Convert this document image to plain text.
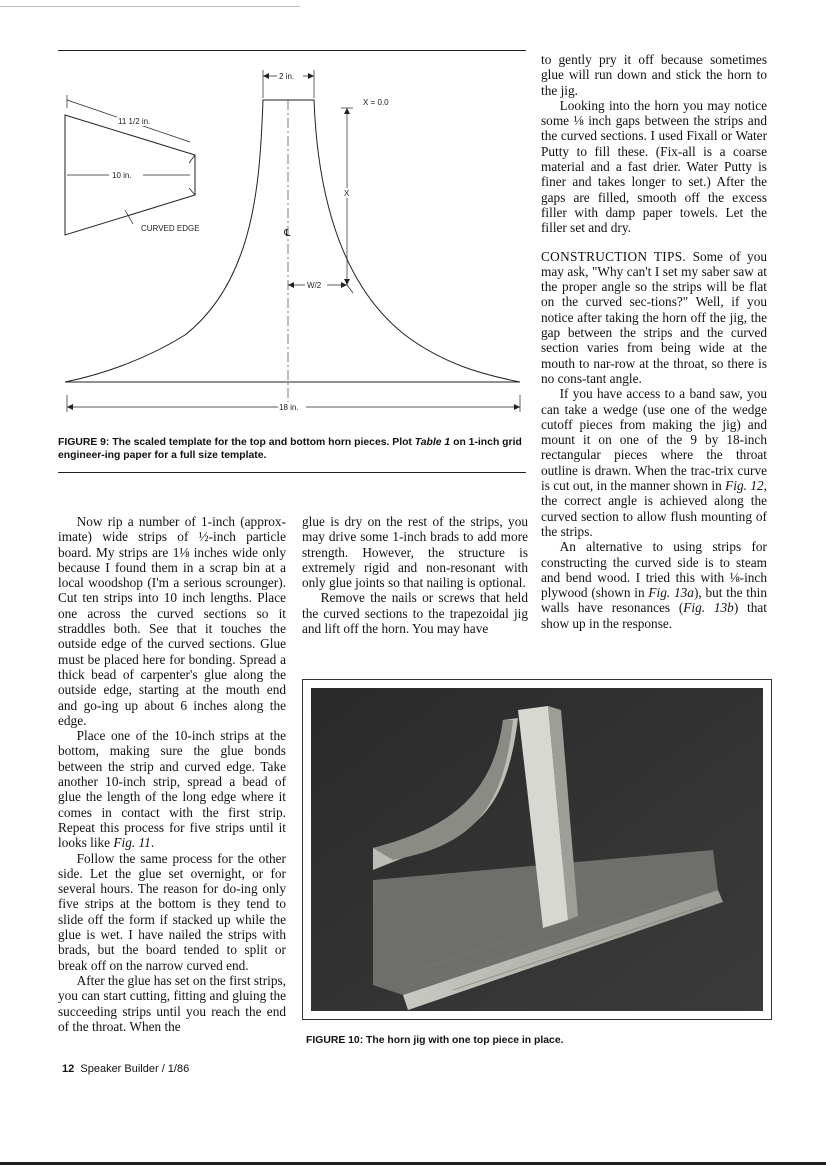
2 in.
X = 0.0
X
℄
W/2
18 in.
11 1/2 in.
10 in.
CURVED EDGE
FIGURE 9: The scaled template for the top and bottom horn pieces. Plot Table 1 on 1-inch grid engineer-ing paper for a full size template.

Now rip a number of 1-inch (approx-imate) wide strips of ½-inch particle board. My strips are 1⅛ inches wide only because I found them in a scrap bin at a local woodshop (I'm a serious scrounger). Cut ten strips into 10 inch lengths. Place one across the curved sections so it straddles both. See that it touches the outside edge of the curved sections. Glue must be placed here for bonding. Spread a thick bead of carpenter's glue along the outside edge, starting at the mouth end and go-ing up about 6 inches along the edge.

Place one of the 10-inch strips at the bottom, making sure the glue bonds between the strip and curved edge. Take another 10-inch strip, spread a bead of glue the length of the long edge where it comes in contact with the first strip. Repeat this process for five strips until it looks like Fig. 11.

Follow the same process for the other side. Let the glue set overnight, or for several hours. The reason for do-ing only five strips at the bottom is they tend to slide off the form if stacked up while the glue is wet. I have nailed the strips with brads, but the board tended to split or break off on the narrow curved end.

After the glue has set on the first strips, you can start cutting, fitting and gluing the succeeding strips until you reach the end of the throat. When the

glue is dry on the rest of the strips, you may drive some 1-inch brads to add more strength. However, the structure is extremely rigid and non-resonant with only glue joints so that nailing is optional.

Remove the nails or screws that held the curved sections to the trapezoidal jig and lift off the horn. You may have

to gently pry it off because sometimes glue will run down and stick the horn to the jig.

Looking into the horn you may notice some ⅛ inch gaps between the strips and the curved sections. I used Fixall or Water Putty to fill these. (Fix-all is a coarse material and a fast drier. Water Putty is finer and takes longer to set.) After the gaps are filled, smooth off the excess filler with damp paper towels. Let the filler set and dry.

CONSTRUCTION TIPS. Some of you may ask, "Why can't I set my saber saw at the proper angle so the strips will be flat on the curved sec-tions?" Well, if you notice after taking the horn off the jig, the gap between the strips and the curved section varies from being wide at the mouth to nar-row at the throat, so there is no cons-tant angle.

If you have access to a band saw, you can take a wedge (use one of the wedge cutoff pieces from making the jig) and mount it on one of the 9 by 18-inch rectangular pieces where the throat outline is drawn. When the trac-trix curve is cut out, in the manner shown in Fig. 12, the correct angle is achieved along the curved section to allow flush mounting of the strips.

An alternative to using strips for constructing the curved side is to steam and bend wood. I tried this with ⅛-inch plywood (shown in Fig. 13a), but the thin walls have resonances (Fig. 13b) that show up in the response.

FIGURE 10: The horn jig with one top piece in place.
12 Speaker Builder / 1/86
